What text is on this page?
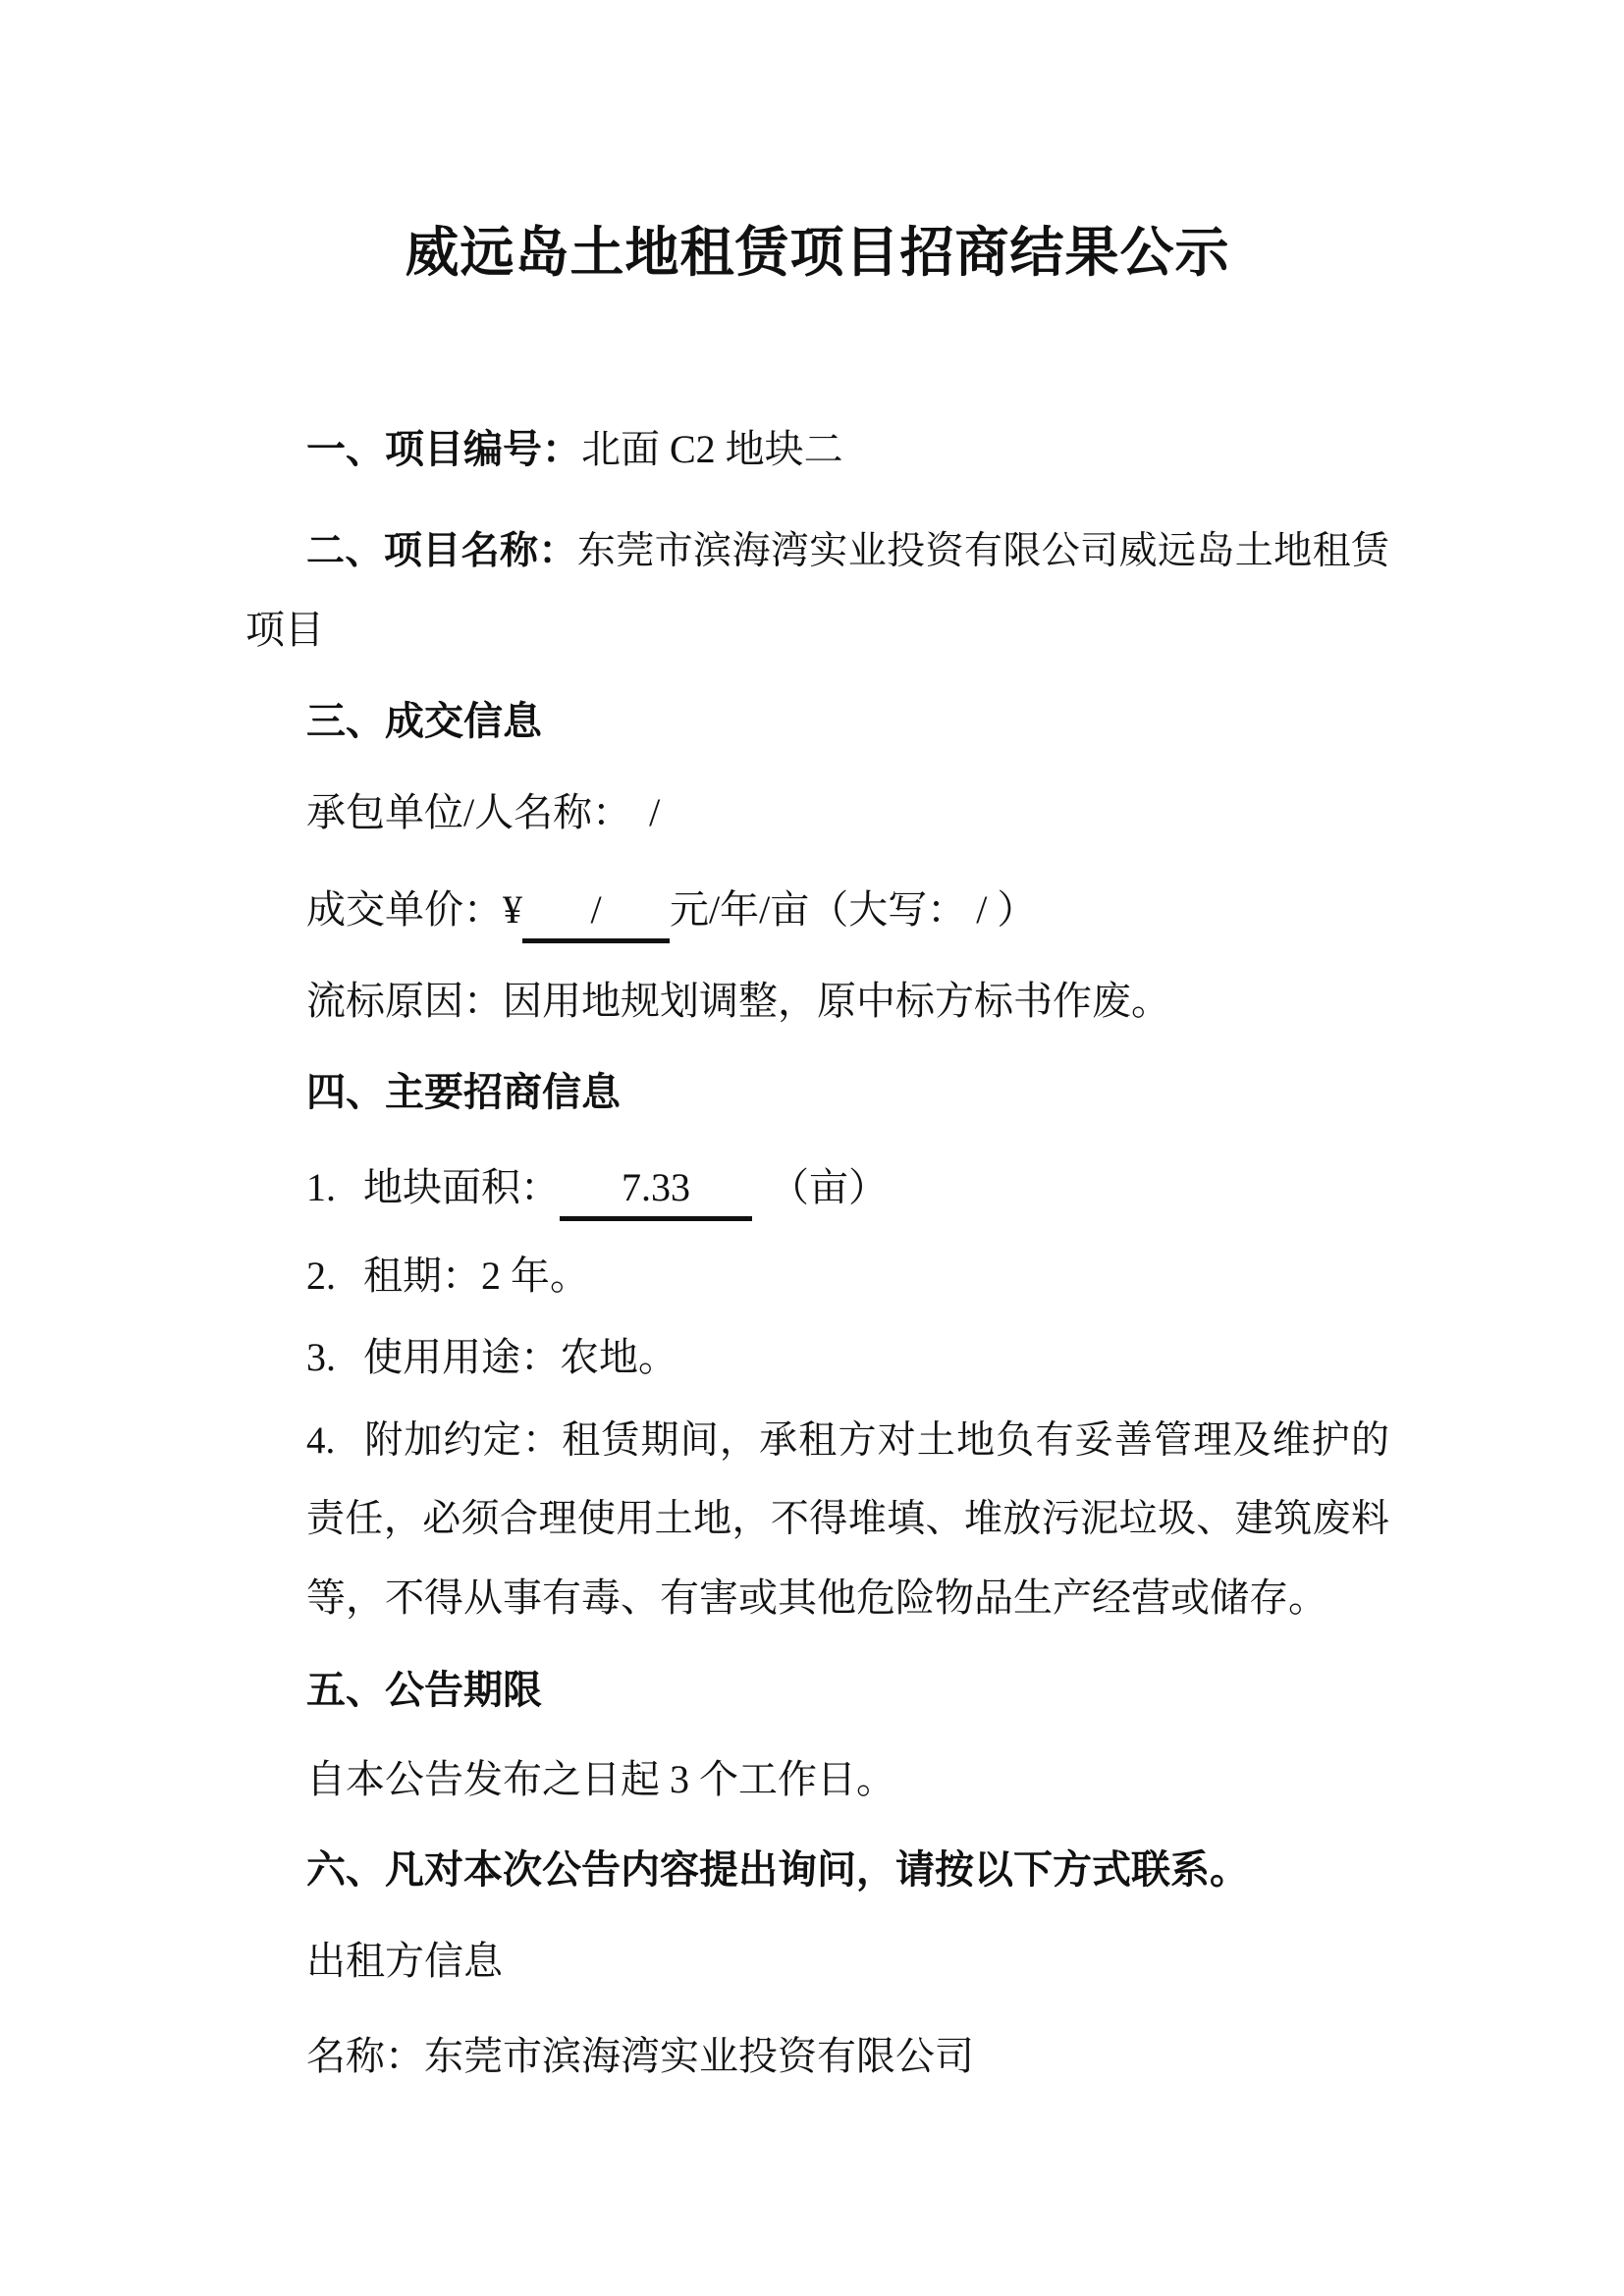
威远岛土地租赁项目招商结果公示
一、项目编号：北面 C2 地块二
二、项目名称：东莞市滨海湾实业投资有限公司威远岛土地租赁
项目
三、成交信息
承包单位/人名称： /
成交单价：¥ / 元/年/亩（大写： / ）
流标原因：因用地规划调整，原中标方标书作废。
四、主要招商信息
1. 地块面积： 7.33 （亩）
2. 租期：2 年。
3. 使用用途：农地。
4. 附加约定：租赁期间，承租方对土地负有妥善管理及维护的
责任，必须合理使用土地，不得堆填、堆放污泥垃圾、建筑废料
等，不得从事有毒、有害或其他危险物品生产经营或储存。
五、公告期限
自本公告发布之日起 3 个工作日。
六、凡对本次公告内容提出询问，请按以下方式联系。
出租方信息
名称：东莞市滨海湾实业投资有限公司
